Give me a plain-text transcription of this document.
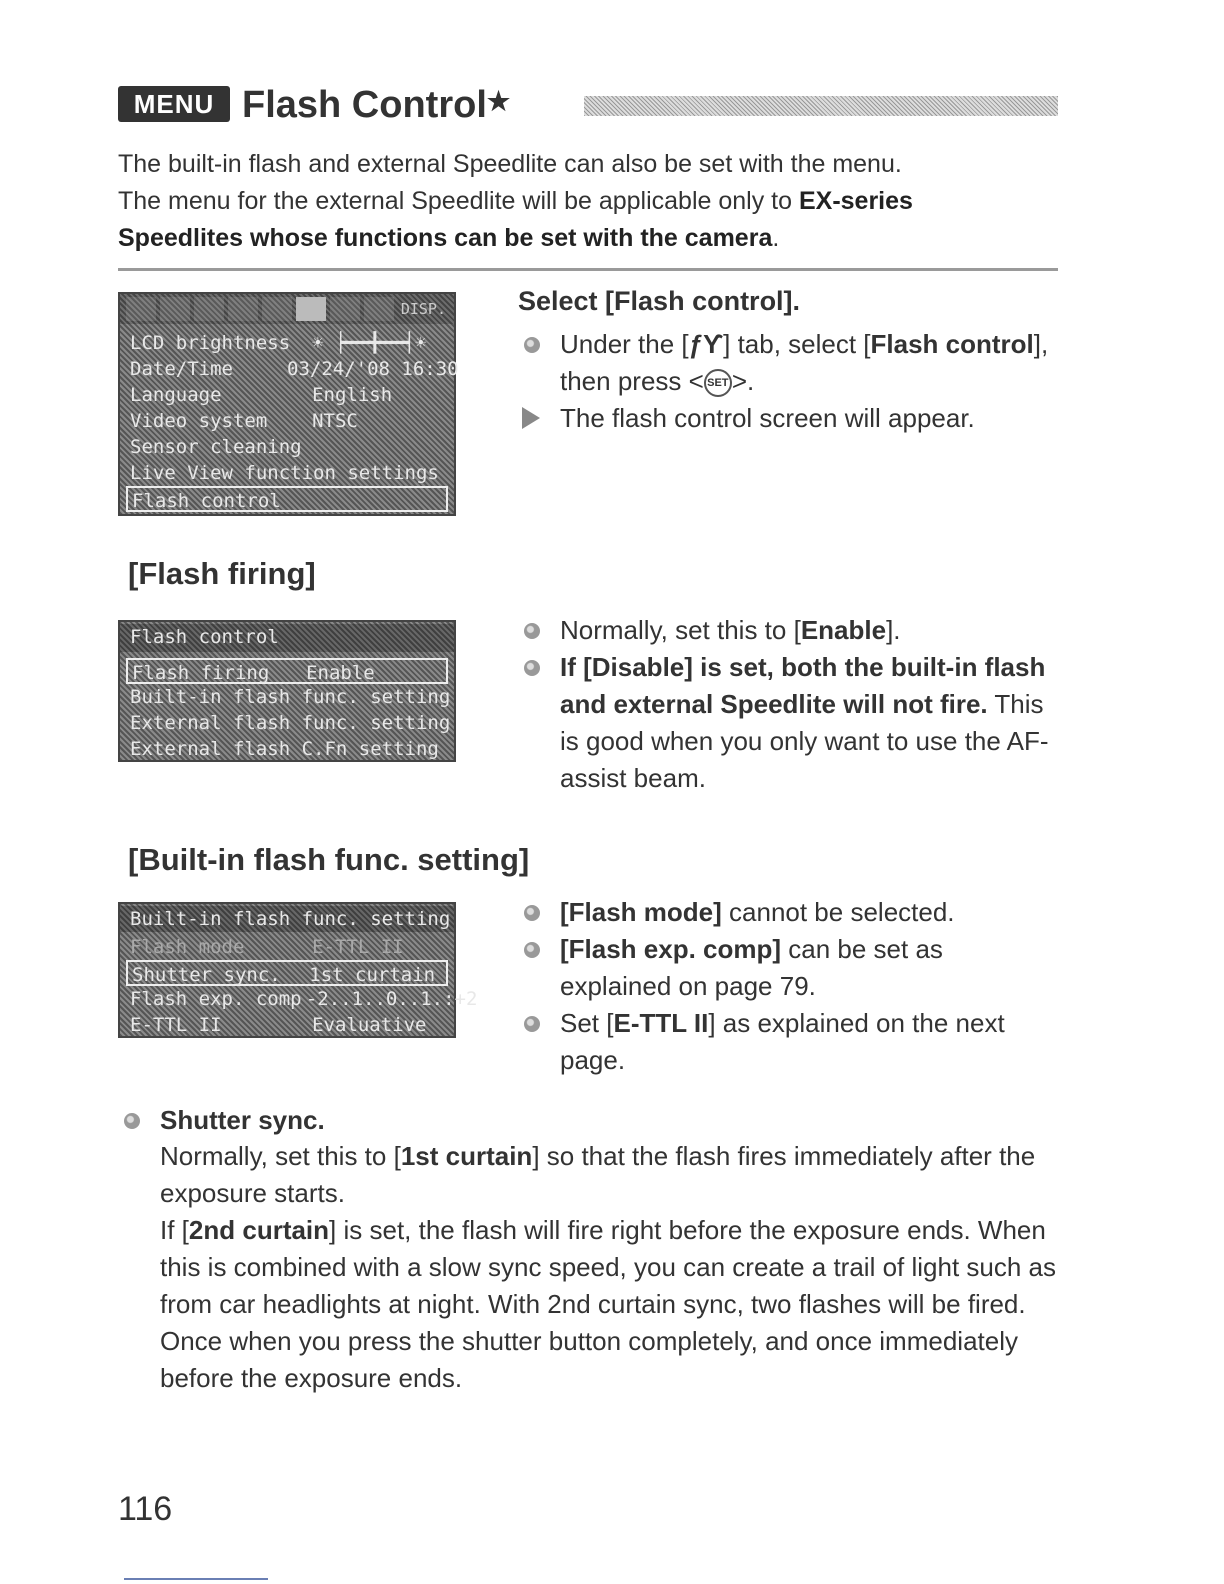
MENU Flash Control★
The built-in flash and external Speedlite can also be set with the menu.
The menu for the external Speedlite will be applicable only to EX-series
Speedlites whose functions can be set with the camera.
DISP.
LCD brightness ☀ ┝━━╋━━┥☀
Date/Time	03/24/'08 16:30
Language	English
Video system NTSC
Sensor cleaning
Live View function settings
Flash control
Select [Flash control].
Under the [ƒϒ] tab, select [Flash control], then press < SET >.
The flash control screen will appear.
[Flash firing]
Flash control
Flash firing Enable
Built-in flash func. setting
External flash func. setting
External flash C.Fn setting
Normally, set this to [Enable].
If [Disable] is set, both the built-in flash and external Speedlite will not fire. This is good when you only want to use the AF-assist beam.
[Built-in flash func. setting]
Built-in flash func. setting
Flash mode	E-TTL II
Shutter sync. 1st curtain
Flash exp. comp -2..1..0..1.:+2
E-TTL II	Evaluative
[Flash mode] cannot be selected.
[Flash exp. comp] can be set as explained on page 79.
Set [E-TTL II] as explained on the next page.
Shutter sync.
Normally, set this to [1st curtain] so that the flash fires immediately after the exposure starts.
If [2nd curtain] is set, the flash will fire right before the exposure ends. When this is combined with a slow sync speed, you can create a trail of light such as from car headlights at night. With 2nd curtain sync, two flashes will be fired. Once when you press the shutter button completely, and once immediately before the exposure ends.
116
